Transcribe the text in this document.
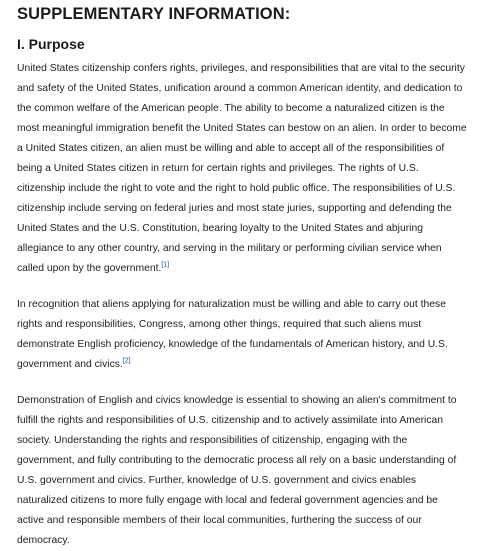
SUPPLEMENTARY INFORMATION:
I. Purpose

United States citizenship confers rights, privileges, and responsibilities that are vital to the security and safety of the United States, unification around a common American identity, and dedication to the common welfare of the American people. The ability to become a naturalized citizen is the most meaningful immigration benefit the United States can bestow on an alien. In order to become a United States citizen, an alien must be willing and able to accept all of the responsibilities of being a United States citizen in return for certain rights and privileges. The rights of U.S. citizenship include the right to vote and the right to hold public office. The responsibilities of U.S. citizenship include serving on federal juries and most state juries, supporting and defending the United States and the U.S. Constitution, bearing loyalty to the United States and abjuring allegiance to any other country, and serving in the military or performing civilian service when called upon by the government.[1]

In recognition that aliens applying for naturalization must be willing and able to carry out these rights and responsibilities, Congress, among other things, required that such aliens must demonstrate English proficiency, knowledge of the fundamentals of American history, and U.S. government and civics.[2]

Demonstration of English and civics knowledge is essential to showing an alien's commitment to fulfill the rights and responsibilities of U.S. citizenship and to actively assimilate into American society. Understanding the rights and responsibilities of citizenship, engaging with the government, and fully contributing to the democratic process all rely on a basic understanding of U.S. government and civics. Further, knowledge of U.S. government and civics enables naturalized citizens to more fully engage with local and federal government agencies and be active and responsible members of their local communities, furthering the success of our democracy.
